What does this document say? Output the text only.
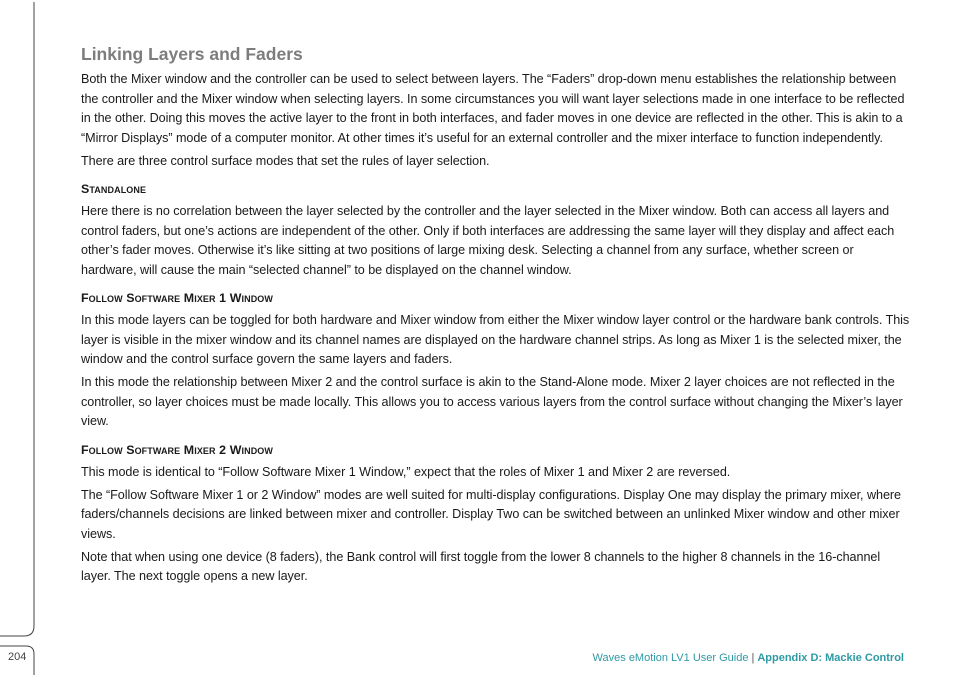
Linking Layers and Faders

Both the Mixer window and the controller can be used to select between layers. The “Faders” drop-down menu establishes the relationship between the controller and the Mixer window when selecting layers. In some circumstances you will want layer selections made in one interface to be reflected in the other. Doing this moves the active layer to the front in both interfaces, and fader moves in one device are reflected in the other. This is akin to a “Mirror Displays” mode of a computer monitor. At other times it’s useful for an external controller and the mixer interface to function independently.

There are three control surface modes that set the rules of layer selection.

Standalone

Here there is no correlation between the layer selected by the controller and the layer selected in the Mixer window. Both can access all layers and control faders, but one’s actions are independent of the other. Only if both interfaces are addressing the same layer will they display and affect each other’s fader moves. Otherwise it’s like sitting at two positions of large mixing desk. Selecting a channel from any surface, whether screen or hardware, will cause the main “selected channel” to be displayed on the channel window.

Follow Software Mixer 1 Window

In this mode layers can be toggled for both hardware and Mixer window from either the Mixer window layer control or the hardware bank controls. This layer is visible in the mixer window and its channel names are displayed on the hardware channel strips. As long as Mixer 1 is the selected mixer, the window and the control surface govern the same layers and faders.

In this mode the relationship between Mixer 2 and the control surface is akin to the Stand-Alone mode. Mixer 2 layer choices are not reflected in the controller, so layer choices must be made locally. This allows you to access various layers from the control surface without changing the Mixer’s layer view.

Follow Software Mixer 2 Window

This mode is identical to “Follow Software Mixer 1 Window,” expect that the roles of Mixer 1 and Mixer 2 are reversed.

The “Follow Software Mixer 1 or 2 Window” modes are well suited for multi-display configurations. Display One may display the primary mixer, where faders/channels decisions are linked between mixer and controller. Display Two can be switched between an unlinked Mixer window and other mixer views.

Note that when using one device (8 faders), the Bank control will first toggle from the lower 8 channels to the higher 8 channels in the 16-channel layer. The next toggle opens a new layer.

204	Waves eMotion LV1 User Guide | Appendix D: Mackie Control
